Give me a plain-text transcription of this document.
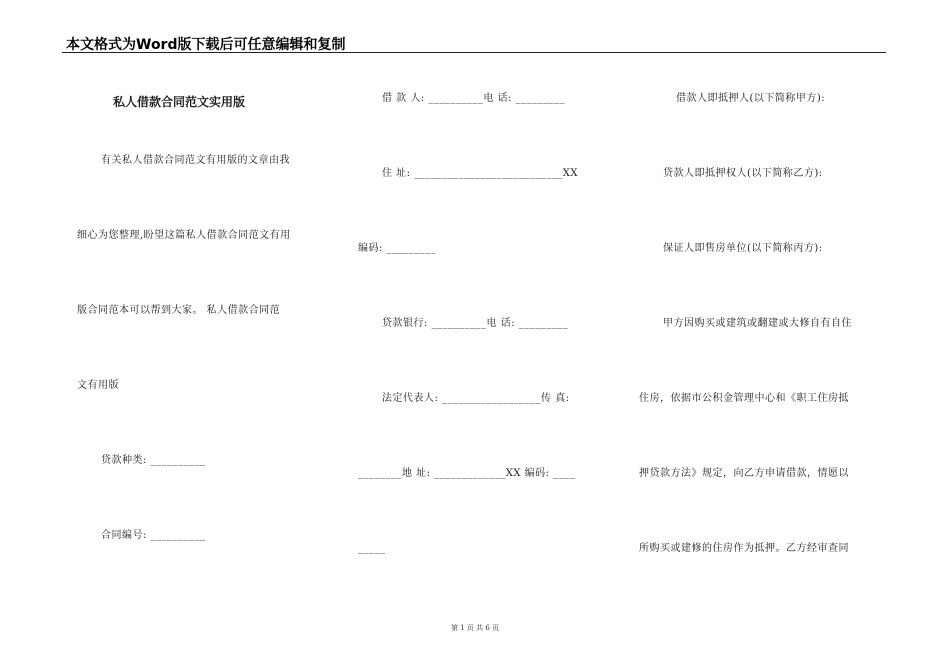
本文格式为Word版下载后可任意编辑和复制
私人借款合同范文实用版
有关私人借款合同范文有用版的文章由我
细心为您整理,盼望这篇私人借款合同范文有用
版合同范本可以帮到大家。 私人借款合同范
文有用版
贷款种类: __________
合同编号: __________
借 款 人: __________电 话: _________
住 址: ___________________________XX
编码: _________
贷款银行: __________电 话: _________
法定代表人: __________________传 真:
________地 址: _____________XX 编码: ____
_____
借款人即抵押人(以下简称甲方):
贷款人即抵押权人(以下简称乙方):
保证人即售房单位(以下简称丙方):
甲方因购买或建筑或翻建或大修自有自住
住房，依据市公积金管理中心和《职工住房抵
押贷款方法》规定，向乙方申请借款，情愿以
所购买或建修的住房作为抵押。乙方经审查同
第 1 页 共 6 页
